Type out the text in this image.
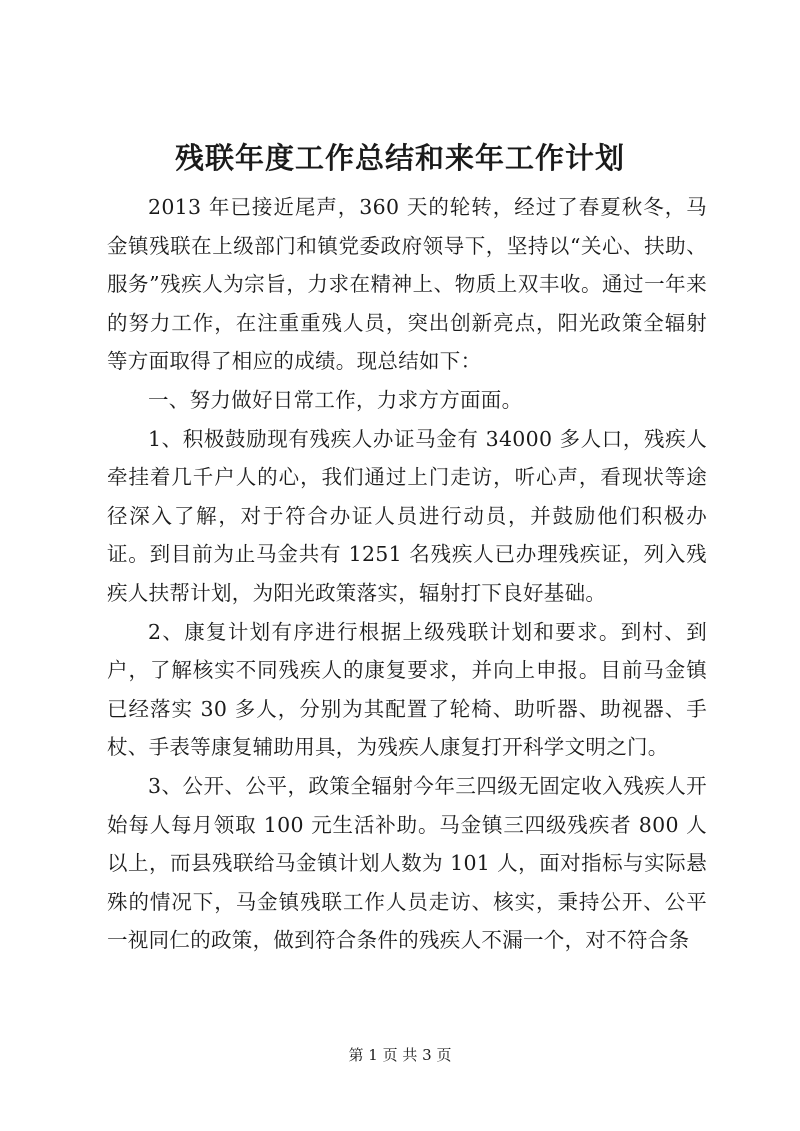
残联年度工作总结和来年工作计划

2013 年已接近尾声，360 天的轮转，经过了春夏秋冬，马金镇残联在上级部门和镇党委政府领导下，坚持以“关心、扶助、服务”残疾人为宗旨，力求在精神上、物质上双丰收。通过一年来的努力工作，在注重重残人员，突出创新亮点，阳光政策全辐射等方面取得了相应的成绩。现总结如下：

一、努力做好日常工作，力求方方面面。

1、积极鼓励现有残疾人办证马金有 34000 多人口，残疾人牵挂着几千户人的心，我们通过上门走访，听心声，看现状等途径深入了解，对于符合办证人员进行动员，并鼓励他们积极办证。到目前为止马金共有 1251 名残疾人已办理残疾证，列入残疾人扶帮计划，为阳光政策落实，辐射打下良好基础。

2、康复计划有序进行根据上级残联计划和要求。到村、到户，了解核实不同残疾人的康复要求，并向上申报。目前马金镇已经落实 30 多人，分别为其配置了轮椅、助听器、助视器、手杖、手表等康复辅助用具，为残疾人康复打开科学文明之门。

3、公开、公平，政策全辐射今年三四级无固定收入残疾人开始每人每月领取 100 元生活补助。马金镇三四级残疾者 800 人以上，而县残联给马金镇计划人数为 101 人，面对指标与实际悬殊的情况下，马金镇残联工作人员走访、核实，秉持公开、公平一视同仁的政策，做到符合条件的残疾人不漏一个，对不符合条

第 1 页 共 3 页
